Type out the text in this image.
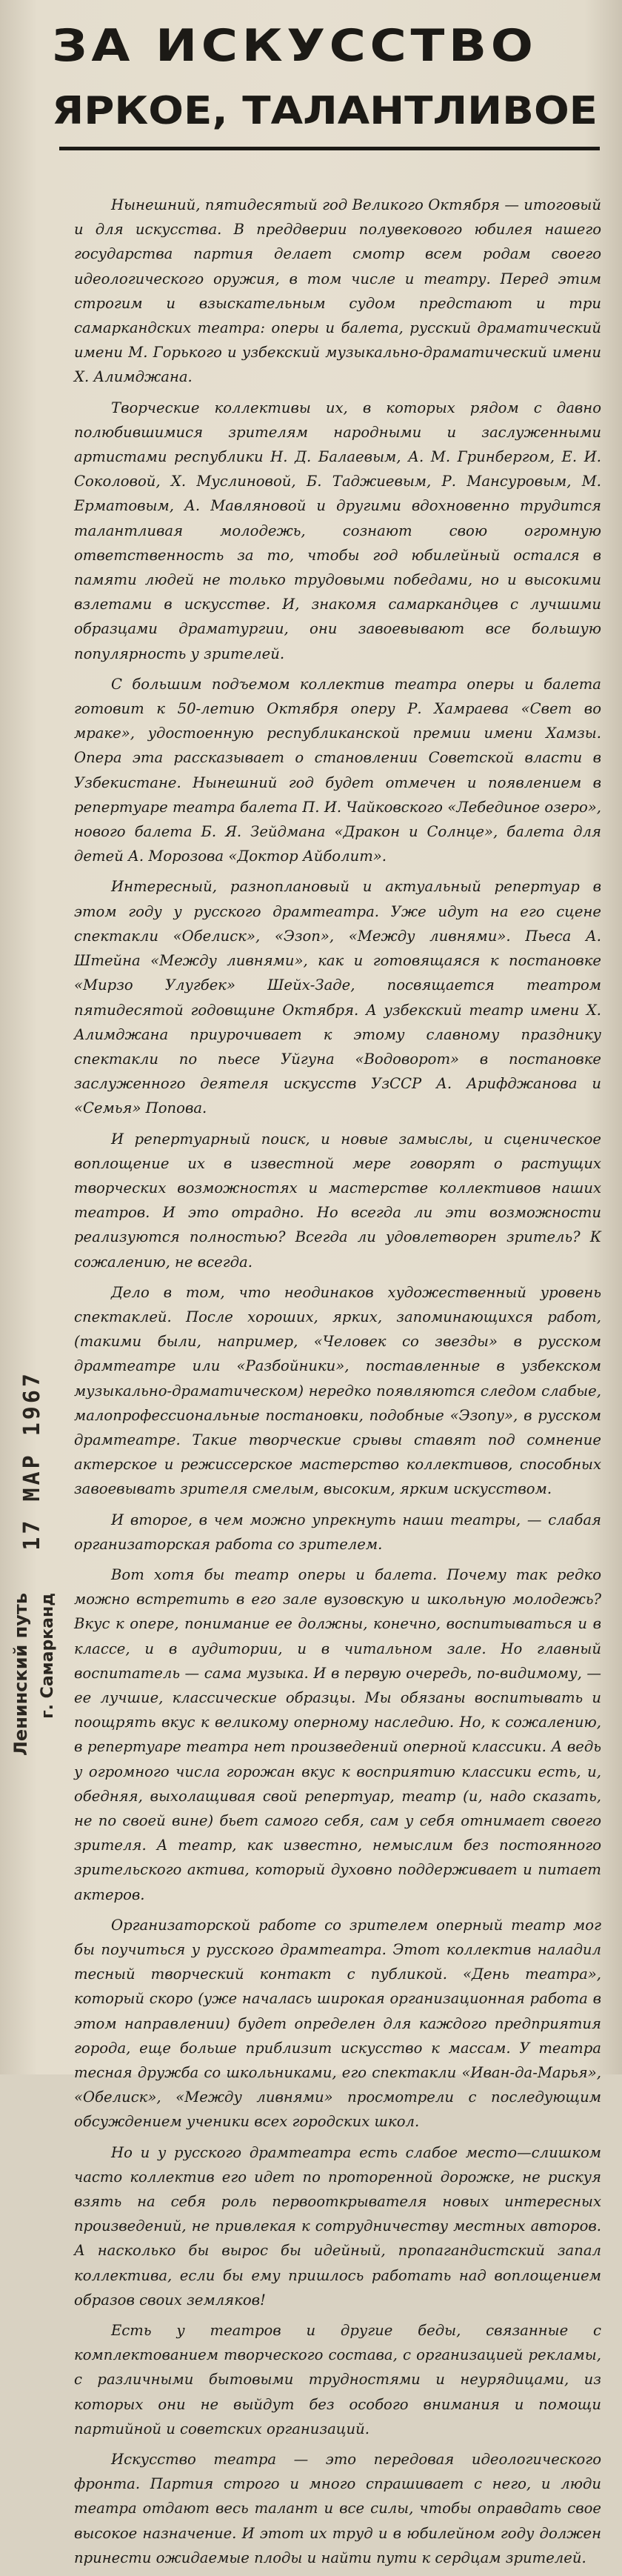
ЗА ИСКУССТВО
ЯРКОЕ, ТАЛАНТЛИВОЕ

Нынешний, пятидесятый год Великого Октября — итоговый и для искусства. В преддверии полувекового юбилея нашего государства партия делает смотр всем родам своего идеологического оружия, в том числе и театру. Перед этим строгим и взыскательным судом предстают и три самаркандских театра: оперы и балета, русский драматический имени М. Горького и узбекский музыкально-драматический имени Х. Алимджана.

Творческие коллективы их, в которых рядом с давно полюбившимися зрителям народными и заслуженными артистами республики Н. Д. Балаевым, А. М. Гринбергом, Е. И. Соколовой, Х. Муслиновой, Б. Таджиевым, Р. Мансуровым, М. Ерматовым, А. Мавляновой и другими вдохновенно трудится талантливая молодежь, сознают свою огромную ответственность за то, чтобы год юбилейный остался в памяти людей не только трудовыми победами, но и высокими взлетами в искусстве. И, знакомя самаркандцев с лучшими образцами драматургии, они завоевывают все большую популярность у зрителей.

С большим подъемом коллектив театра оперы и балета готовит к 50-летию Октября оперу Р. Хамраева «Свет во мраке», удостоенную республиканской премии имени Хамзы. Опера эта рассказывает о становлении Советской власти в Узбекистане. Нынешний год будет отмечен и появлением в репертуаре театра балета П. И. Чайковского «Лебединое озеро», нового балета Б. Я. Зейдмана «Дракон и Солнце», балета для детей А. Морозова «Доктор Айболит».

Интересный, разноплановый и актуальный репертуар в этом году у русского драмтеатра. Уже идут на его сцене спектакли «Обелиск», «Эзоп», «Между ливнями». Пьеса А. Штейна «Между ливнями», как и готовящаяся к постановке «Мирзо Улугбек» Шейх-Заде, посвящается театром пятидесятой годовщине Октября. А узбекский театр имени Х. Алимджана приурочивает к этому славному празднику спектакли по пьесе Уйгуна «Водоворот» в постановке заслуженного деятеля искусств УзССР А. Арифджанова и «Семья» Попова.

И репертуарный поиск, и новые замыслы, и сценическое воплощение их в известной мере говорят о растущих творческих возможностях и мастерстве коллективов наших театров. И это отрадно. Но всегда ли эти возможности реализуются полностью? Всегда ли удовлетворен зритель? К сожалению, не всегда.

Дело в том, что неодинаков художественный уровень спектаклей. После хороших, ярких, запоминающихся работ, (такими были, например, «Человек со звезды» в русском драмтеатре или «Разбойники», поставленные в узбекском музыкально-драматическом) нередко появляются следом слабые, малопрофессиональные постановки, подобные «Эзопу», в русском драмтеатре. Такие творческие срывы ставят под сомнение актерское и режиссерское мастерство коллективов, способных завоевывать зрителя смелым, высоким, ярким искусством.

И второе, в чем можно упрекнуть наши театры, — слабая организаторская работа со зрителем.

Вот хотя бы театр оперы и балета. Почему так редко можно встретить в его зале вузовскую и школьную молодежь? Вкус к опере, понимание ее должны, конечно, воспитываться и в классе, и в аудитории, и в читальном зале. Но главный воспитатель — сама музыка. И в первую очередь, по-видимому, — ее лучшие, классические образцы. Мы обязаны воспитывать и поощрять вкус к великому оперному наследию. Но, к сожалению, в репертуаре театра нет произведений оперной классики. А ведь у огромного числа горожан вкус к восприятию классики есть, и, обедняя, выхолащивая свой репертуар, театр (и, надо сказать, не по своей вине) бьет самого себя, сам у себя отнимает своего зрителя. А театр, как известно, немыслим без постоянного зрительского актива, который духовно поддерживает и питает актеров.

Организаторской работе со зрителем оперный театр мог бы поучиться у русского драмтеатра. Этот коллектив наладил тесный творческий контакт с публикой. «День театра», который скоро (уже началась широкая организационная работа в этом направлении) будет определен для каждого предприятия города, еще больше приблизит искусство к массам. У театра тесная дружба со школьниками, его спектакли «Иван-да-Марья», «Обелиск», «Между ливнями» просмотрели с последующим обсуждением ученики всех городских школ.

Но и у русского драмтеатра есть слабое место—слишком часто коллектив его идет по проторенной дорожке, не рискуя взять на себя роль первооткрывателя новых интересных произведений, не привлекая к сотрудничеству местных авторов. А насколько бы вырос бы идейный, пропагандистский запал коллектива, если бы ему пришлось работать над воплощением образов своих земляков!

Есть у театров и другие беды, связанные с комплектованием творческого состава, с организацией рекламы, с различными бытовыми трудностями и неурядицами, из которых они не выйдут без особого внимания и помощи партийной и советских организаций.

Искусство театра — это передовая идеологического фронта. Партия строго и много спрашивает с него, и люди театра отдают весь талант и все силы, чтобы оправдать свое высокое назначение. И этот их труд и в юбилейном году должен принести ожидаемые плоды и найти пути к сердцам зрителей.

17 МАР 1967
Ленинский путь г. Самарканд
